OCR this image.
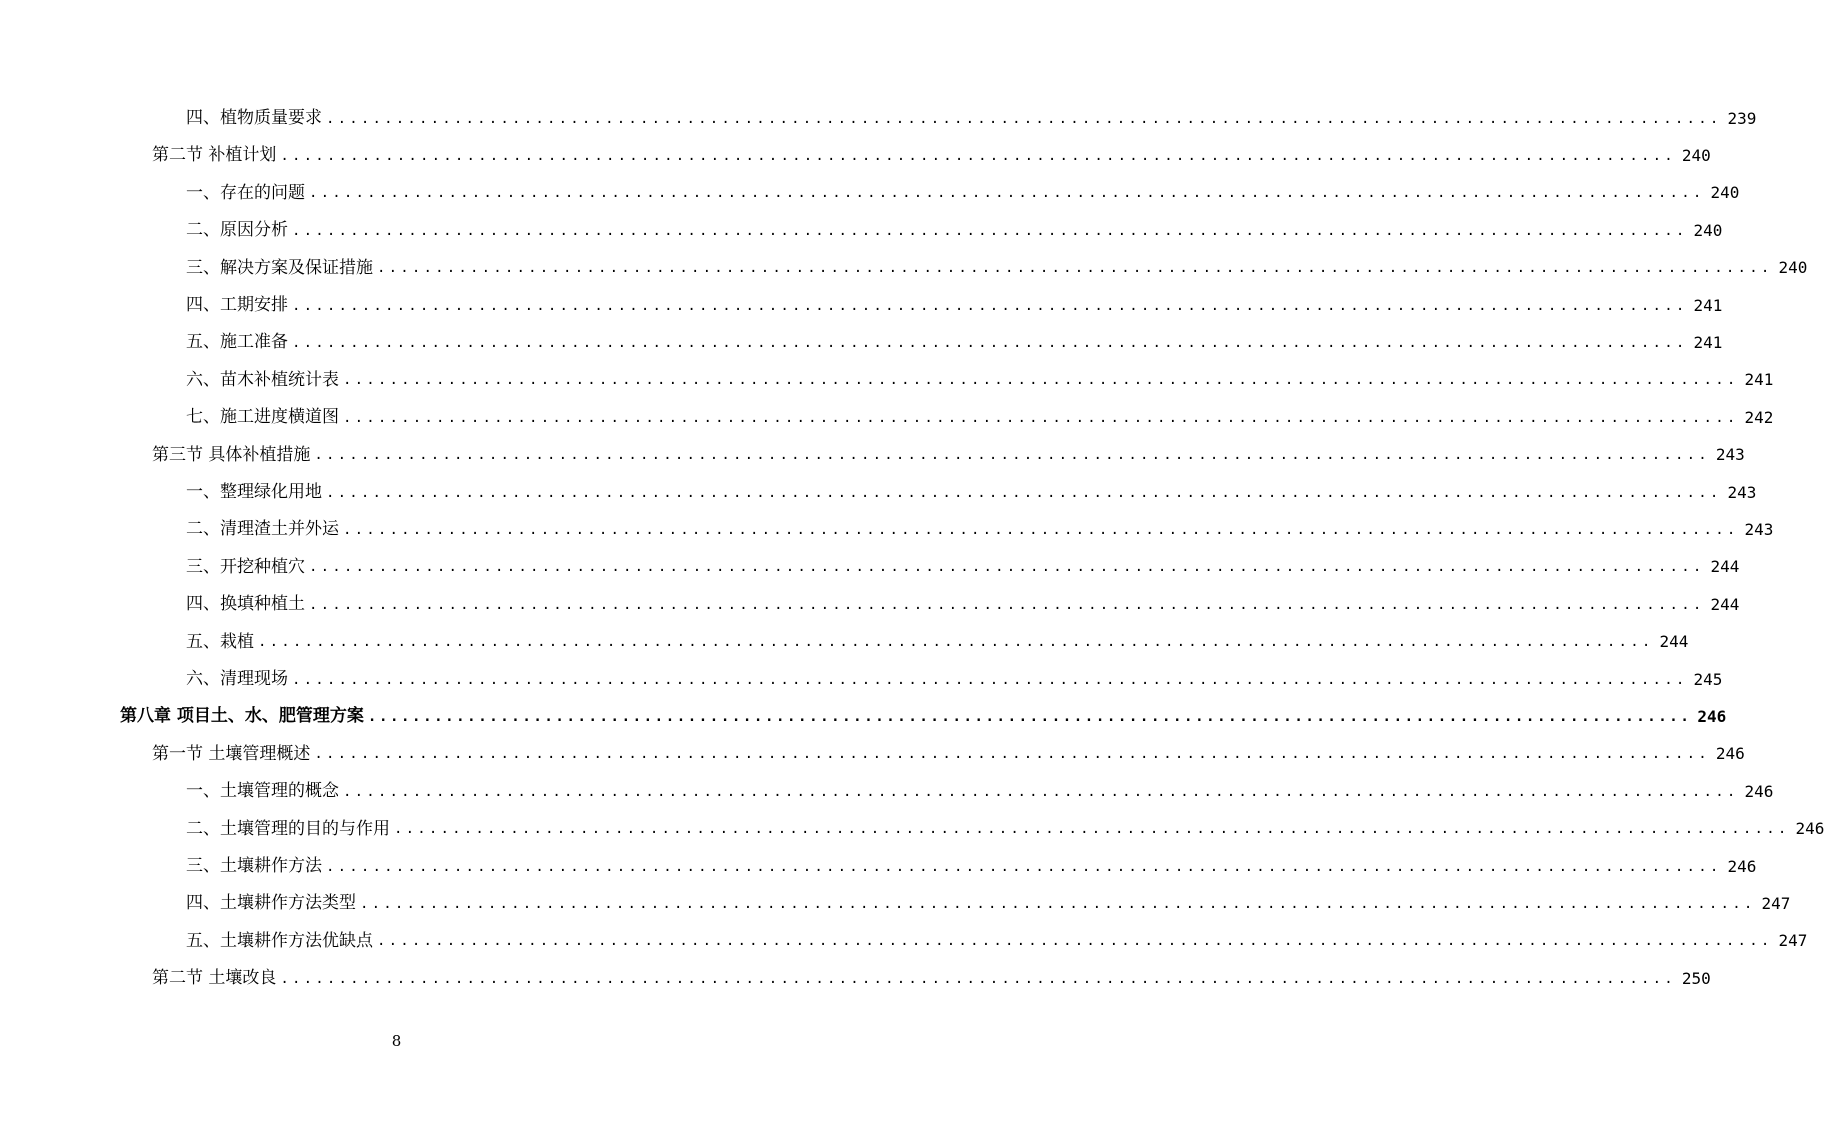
四、植物质量要求 ........................................................................................................................ 239
第二节 补植计划 ........................................................................................................................ 240
一、存在的问题 ........................................................................................................................ 240
二、原因分析 ........................................................................................................................ 240
三、解决方案及保证措施 ........................................................................................................................ 240
四、工期安排 ........................................................................................................................ 241
五、施工准备 ........................................................................................................................ 241
六、苗木补植统计表 ........................................................................................................................ 241
七、施工进度横道图 ........................................................................................................................ 242
第三节 具体补植措施 ........................................................................................................................ 243
一、整理绿化用地 ........................................................................................................................ 243
二、清理渣土并外运 ........................................................................................................................ 243
三、开挖种植穴 ........................................................................................................................ 244
四、换填种植土 ........................................................................................................................ 244
五、栽植 ........................................................................................................................ 244
六、清理现场 ........................................................................................................................ 245
第八章 项目土、水、肥管理方案 ........................................................................................................................ 246
第一节 土壤管理概述 ........................................................................................................................ 246
一、土壤管理的概念 ........................................................................................................................ 246
二、土壤管理的目的与作用 ........................................................................................................................ 246
三、土壤耕作方法 ........................................................................................................................ 246
四、土壤耕作方法类型 ........................................................................................................................ 247
五、土壤耕作方法优缺点 ........................................................................................................................ 247
第二节 土壤改良 ........................................................................................................................ 250
8
